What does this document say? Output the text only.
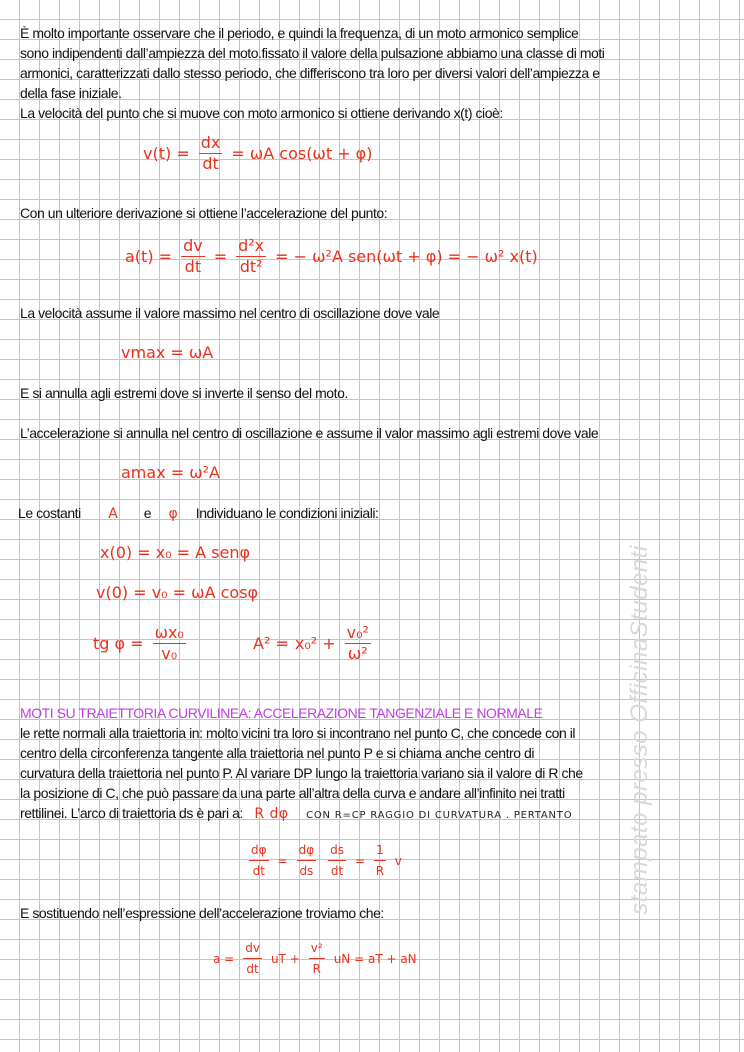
stampato presso OfficinaStudenti
È molto importante osservare che il periodo, e quindi la frequenza, di un moto armonico semplice
sono indipendenti dall’ampiezza del moto.fissato il valore della pulsazione abbiamo una classe di moti
armonici, caratterizzati dallo stesso periodo, che differiscono tra loro per diversi valori dell’ampiezza e
della fase iniziale.
La velocità del punto che si muove con moto armonico si ottiene derivando x(t) cioè:
$v(t) = \frac{dx}{dt} = \omega A$ cos(ωt + φ)
Con un ulteriore derivazione si ottiene l’accelerazione del punto:
$a(t) = \frac{dv}{dt} = \frac{\text{d²x}}{\text{dt²}}$ = − ω²A sen(ωt + φ) = − ω² x(t)
La velocità assume il valore massimo nel centro di oscillazione dove vale
vmax = ωA
E si annulla agli estremi dove si inverte il senso del moto.
L’accelerazione si annulla nel centro di oscillazione e assume il valor massimo agli estremi dove vale
amax = ω²A
Le costanti A e φ Individuano le condizioni iniziali:
x(0) = x₀ = A senφ
v(0) = v₀ = ωA cosφ
tg $\varphi = \frac{\text{ωx₀}}{\text{v₀}}$	$A^2 = x_0^2 + \frac{\text{v₀²}}{\text{ω²}}$
MOTI SU TRAIETTORIA CURVILINEA: ACCELERAZIONE TANGENZIALE E NORMALE
le rette normali alla traiettoria in: molto vicini tra loro si incontrano nel punto C, che concede con il
centro della circonferenza tangente alla traiettoria nel punto P e si chiama anche centro di
curvatura della traiettoria nel punto P. Al variare DP lungo la traiettoria variano sia il valore di R che
la posizione di C, che può passare da una parte all’altra della curva e andare all’infinito nei tratti
rettilinei. L’arco di traiettoria ds è pari a: R dφ CON R=CP RAGGIO DI CURVATURA . PERTANTO
$\frac{d\varphi}{dt} = \frac{d\varphi}{ds} \frac{ds}{dt} = \frac{1}{R}$ v
E sostituendo nell’espressione dell’accelerazione troviamo che:
$a = \frac{dv}{dt}$ uT + $\frac{\text{v²}}{R}$ uN = aT + aN
